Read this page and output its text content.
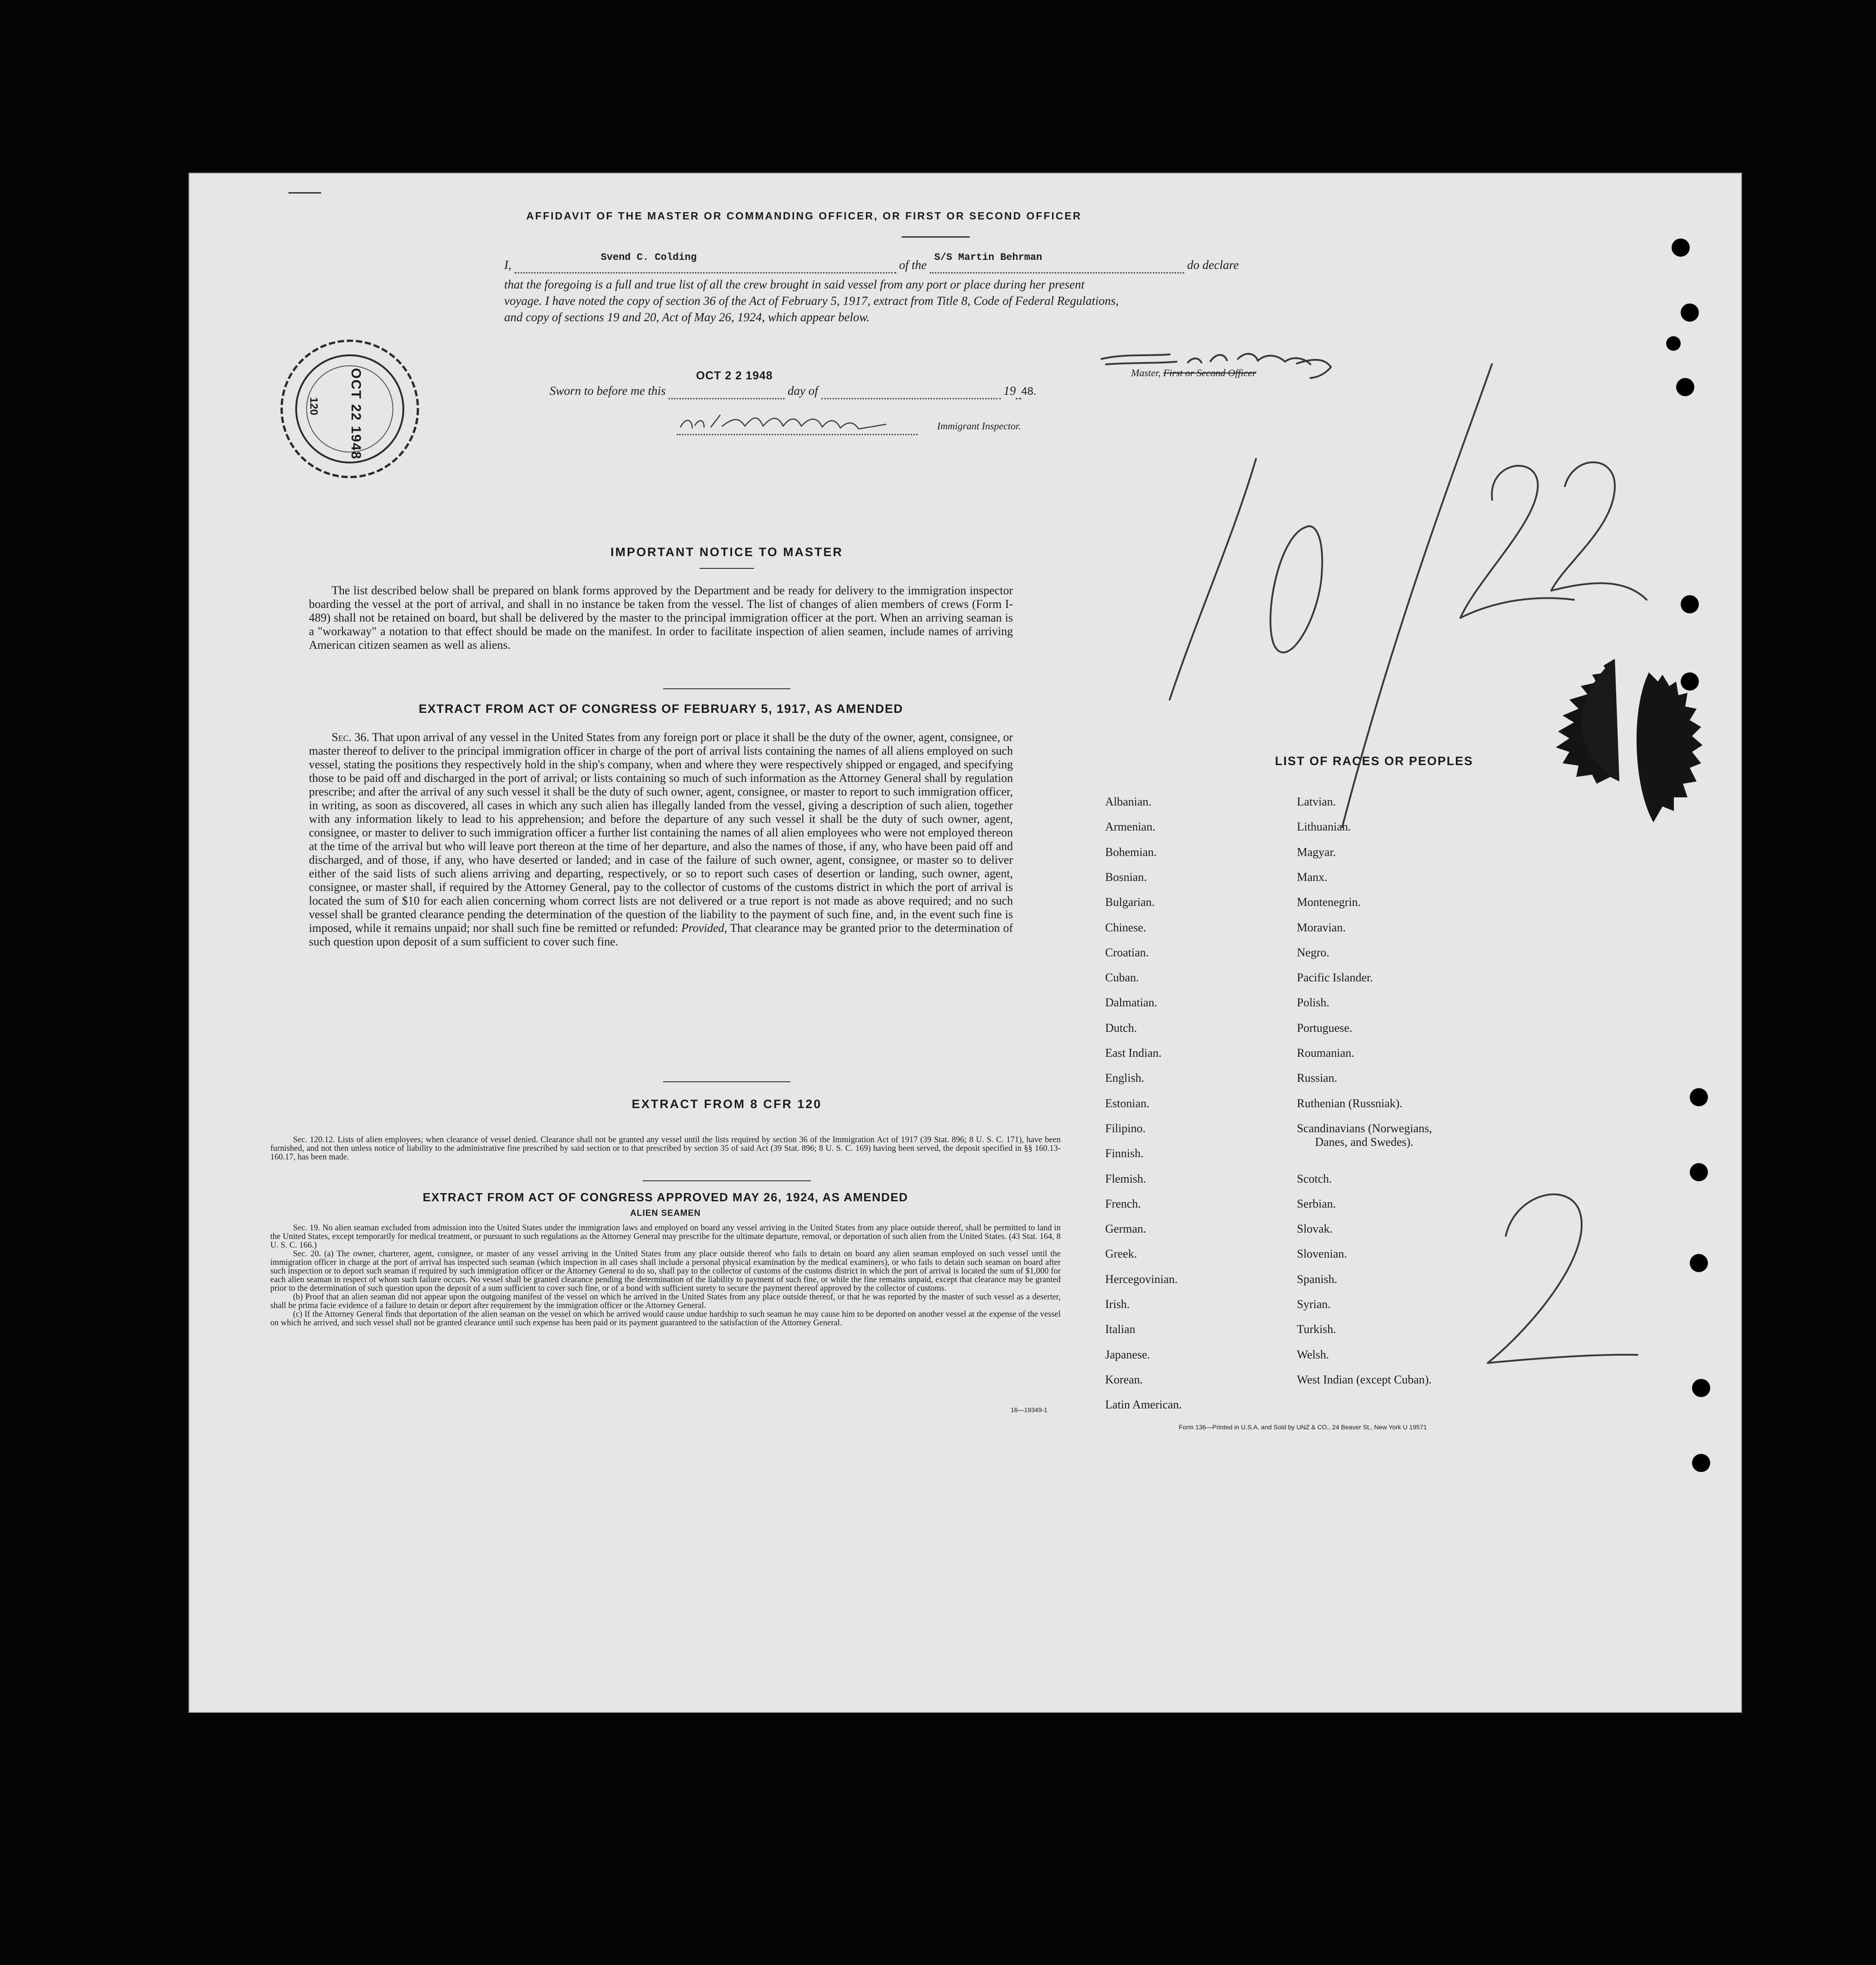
AFFIDAVIT OF THE MASTER OR COMMANDING OFFICER, OR FIRST OR SECOND OFFICER
I,
Svend C. Colding
of the
S/S Martin Behrman
do declare
that the foregoing is a full and true list of all the crew brought in said vessel from any port or place during her present
voyage. I have noted the copy of section 36 of the Act of February 5, 1917, extract from Title 8, Code of Federal Regulations,
and copy of sections 19 and 20, Act of May 26, 1924, which appear below.
Master, First or Second Officer
Sworn to before me this
OCT 2 2 1948
day of	19 48.
Immigrant Inspector.
OCT 22 1948
120
IMPORTANT NOTICE TO MASTER
The list described below shall be prepared on blank forms approved by the Department and be ready for delivery to the immigration inspector boarding the vessel at the port of arrival, and shall in no instance be taken from the vessel. The list of changes of alien members of crews (Form I-489) shall not be retained on board, but shall be delivered by the master to the principal immigration officer at the port. When an arriving seaman is a "workaway" a notation to that effect should be made on the manifest. In order to facilitate inspection of alien seamen, include names of arriving American citizen seamen as well as aliens.
EXTRACT FROM ACT OF CONGRESS OF FEBRUARY 5, 1917, AS AMENDED
Sec. 36. That upon arrival of any vessel in the United States from any foreign port or place it shall be the duty of the owner, agent, consignee, or master thereof to deliver to the principal immigration officer in charge of the port of arrival lists containing the names of all aliens employed on such vessel, stating the positions they respectively hold in the ship's company, when and where they were respectively shipped or engaged, and specifying those to be paid off and discharged in the port of arrival; or lists containing so much of such information as the Attorney General shall by regulation prescribe; and after the arrival of any such vessel it shall be the duty of such owner, agent, consignee, or master to report to such immigration officer, in writing, as soon as discovered, all cases in which any such alien has illegally landed from the vessel, giving a description of such alien, together with any information likely to lead to his apprehension; and before the departure of any such vessel it shall be the duty of such owner, agent, consignee, or master to deliver to such immigration officer a further list containing the names of all alien employees who were not employed thereon at the time of the arrival but who will leave port thereon at the time of her departure, and also the names of those, if any, who have been paid off and discharged, and of those, if any, who have deserted or landed; and in case of the failure of such owner, agent, consignee, or master so to deliver either of the said lists of such aliens arriving and departing, respectively, or so to report such cases of desertion or landing, such owner, agent, consignee, or master shall, if required by the Attorney General, pay to the collector of customs of the customs district in which the port of arrival is located the sum of $10 for each alien concerning whom correct lists are not delivered or a true report is not made as above required; and no such vessel shall be granted clearance pending the determination of the question of the liability to the payment of such fine, and, in the event such fine is imposed, while it remains unpaid; nor shall such fine be remitted or refunded: Provided, That clearance may be granted prior to the determination of such question upon deposit of a sum sufficient to cover such fine.
EXTRACT FROM 8 CFR 120
Sec. 120.12. Lists of alien employees; when clearance of vessel denied. Clearance shall not be granted any vessel until the lists required by section 36 of the Immigration Act of 1917 (39 Stat. 896; 8 U. S. C. 171), have been furnished, and not then unless notice of liability to the administrative fine prescribed by said section or to that prescribed by section 35 of said Act (39 Stat. 896; 8 U. S. C. 169) having been served, the deposit specified in §§ 160.13-160.17, has been made.
EXTRACT FROM ACT OF CONGRESS APPROVED MAY 26, 1924, AS AMENDED
ALIEN SEAMEN
Sec. 19. No alien seaman excluded from admission into the United States under the immigration laws and employed on board any vessel arriving in the United States from any place outside thereof, shall be permitted to land in the United States, except temporarily for medical treatment, or pursuant to such regulations as the Attorney General may prescribe for the ultimate departure, removal, or deportation of such alien from the United States. (43 Stat. 164, 8 U. S. C. 166.)
Sec. 20. (a) The owner, charterer, agent, consignee, or master of any vessel arriving in the United States from any place outside thereof who fails to detain on board any alien seaman employed on such vessel until the immigration officer in charge at the port of arrival has inspected such seaman (which inspection in all cases shall include a personal physical examination by the medical examiners), or who fails to detain such seaman on board after such inspection or to deport such seaman if required by such immigration officer or the Attorney General to do so, shall pay to the collector of customs of the customs district in which the port of arrival is located the sum of $1,000 for each alien seaman in respect of whom such failure occurs. No vessel shall be granted clearance pending the determination of the liability to payment of such fine, or while the fine remains unpaid, except that clearance may be granted prior to the determination of such question upon the deposit of a sum sufficient to cover such fine, or of a bond with sufficient surety to secure the payment thereof approved by the collector of customs.
(b) Proof that an alien seaman did not appear upon the outgoing manifest of the vessel on which he arrived in the United States from any place outside thereof, or that he was reported by the master of such vessel as a deserter, shall be prima facie evidence of a failure to detain or deport after requirement by the immigration officer or the Attorney General.
(c) If the Attorney General finds that deportation of the alien seaman on the vessel on which he arrived would cause undue hardship to such seaman he may cause him to be deported on another vessel at the expense of the vessel on which he arrived, and such vessel shall not be granted clearance until such expense has been paid or its payment guaranteed to the satisfaction of the Attorney General.
16—19349-1
LIST OF RACES OR PEOPLES
Albanian.
Armenian.
Bohemian.
Bosnian.
Bulgarian.
Chinese.
Croatian.
Cuban.
Dalmatian.
Dutch.
East Indian.
English.
Estonian.
Filipino.
Finnish.
Flemish.
French.
German.
Greek.
Hercegovinian.
Irish.
Italian
Japanese.
Korean.
Latin American.
Latvian.
Lithuanian.
Magyar.
Manx.
Montenegrin.
Moravian.
Negro.
Pacific Islander.
Polish.
Portuguese.
Roumanian.
Russian.
Ruthenian (Russniak).
Scandinavians (Norwegians,
Danes, and Swedes).
Scotch.
Serbian.
Slovak.
Slovenian.
Spanish.
Syrian.
Turkish.
Welsh.
West Indian (except Cuban).
Form 136—Printed in U.S.A. and Sold by UNZ & CO., 24 Beaver St., New York U 19571
